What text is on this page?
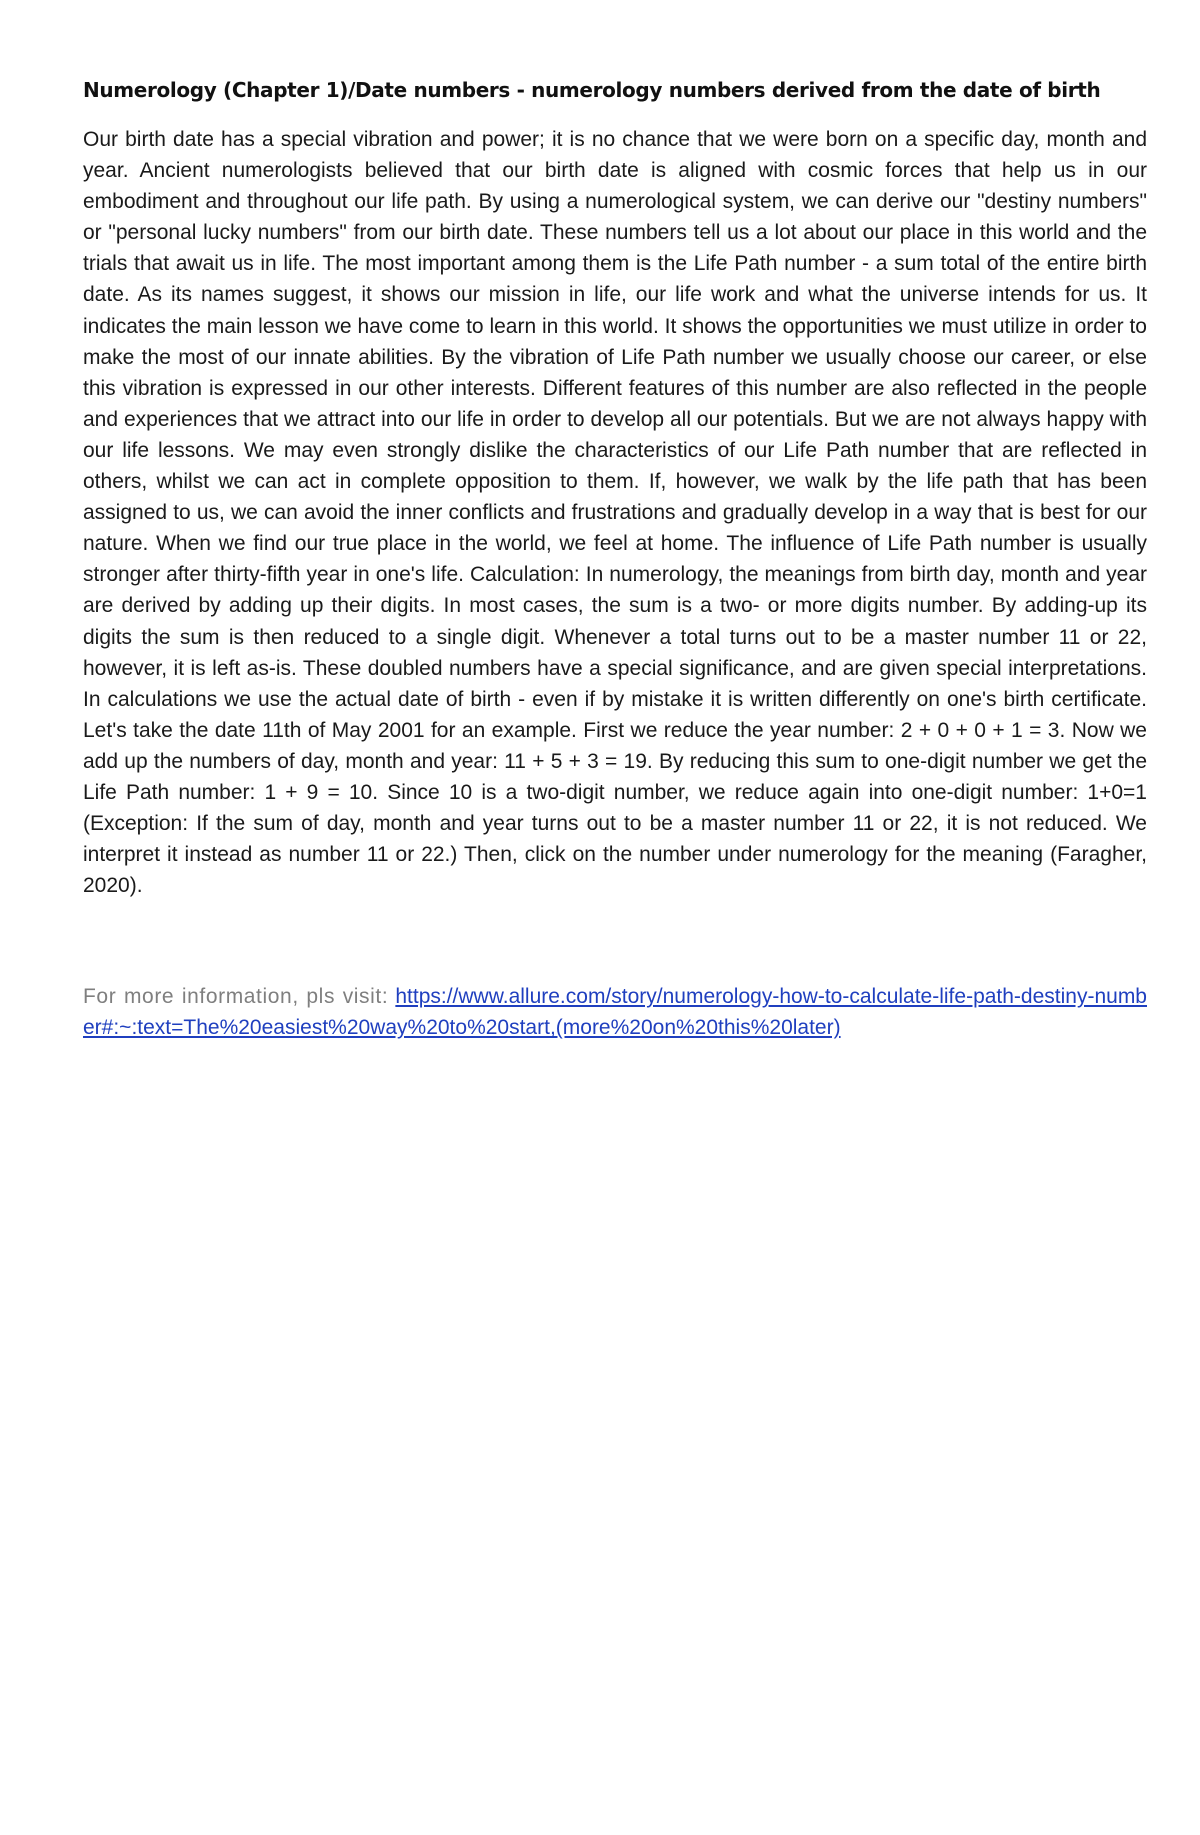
Numerology (Chapter 1)/Date numbers - numerology numbers derived from the date of birth

Our birth date has a special vibration and power; it is no chance that we were born on a specific day, month and year. Ancient numerologists believed that our birth date is aligned with cosmic forces that help us in our embodiment and throughout our life path. By using a numerological system, we can derive our "destiny numbers" or "personal lucky numbers" from our birth date. These numbers tell us a lot about our place in this world and the trials that await us in life. The most important among them is the Life Path number - a sum total of the entire birth date. As its names suggest, it shows our mission in life, our life work and what the universe intends for us. It indicates the main lesson we have come to learn in this world. It shows the opportunities we must utilize in order to make the most of our innate abilities. By the vibration of Life Path number we usually choose our career, or else this vibration is expressed in our other interests. Different features of this number are also reflected in the people and experiences that we attract into our life in order to develop all our potentials. But we are not always happy with our life lessons. We may even strongly dislike the characteristics of our Life Path number that are reflected in others, whilst we can act in complete opposition to them. If, however, we walk by the life path that has been assigned to us, we can avoid the inner conflicts and frustrations and gradually develop in a way that is best for our nature. When we find our true place in the world, we feel at home. The influence of Life Path number is usually stronger after thirty-fifth year in one's life. Calculation: In numerology, the meanings from birth day, month and year are derived by adding up their digits. In most cases, the sum is a two- or more digits number. By adding-up its digits the sum is then reduced to a single digit. Whenever a total turns out to be a master number 11 or 22, however, it is left as-is. These doubled numbers have a special significance, and are given special interpretations. In calculations we use the actual date of birth - even if by mistake it is written differently on one's birth certificate. Let's take the date 11th of May 2001 for an example. First we reduce the year number: 2 + 0 + 0 + 1 = 3. Now we add up the numbers of day, month and year: 11 + 5 + 3 = 19. By reducing this sum to one-digit number we get the Life Path number: 1 + 9 = 10. Since 10 is a two-digit number, we reduce again into one-digit number: 1+0=1 (Exception: If the sum of day, month and year turns out to be a master number 11 or 22, it is not reduced. We interpret it instead as number 11 or 22.) Then, click on the number under numerology for the meaning (Faragher, 2020).

For more information, pls visit: https://www.allure.com/story/numerology-how-to-calculate-life-path-destiny-number#:~:text=The%20easiest%20way%20to%20start,(more%20on%20this%20later)
